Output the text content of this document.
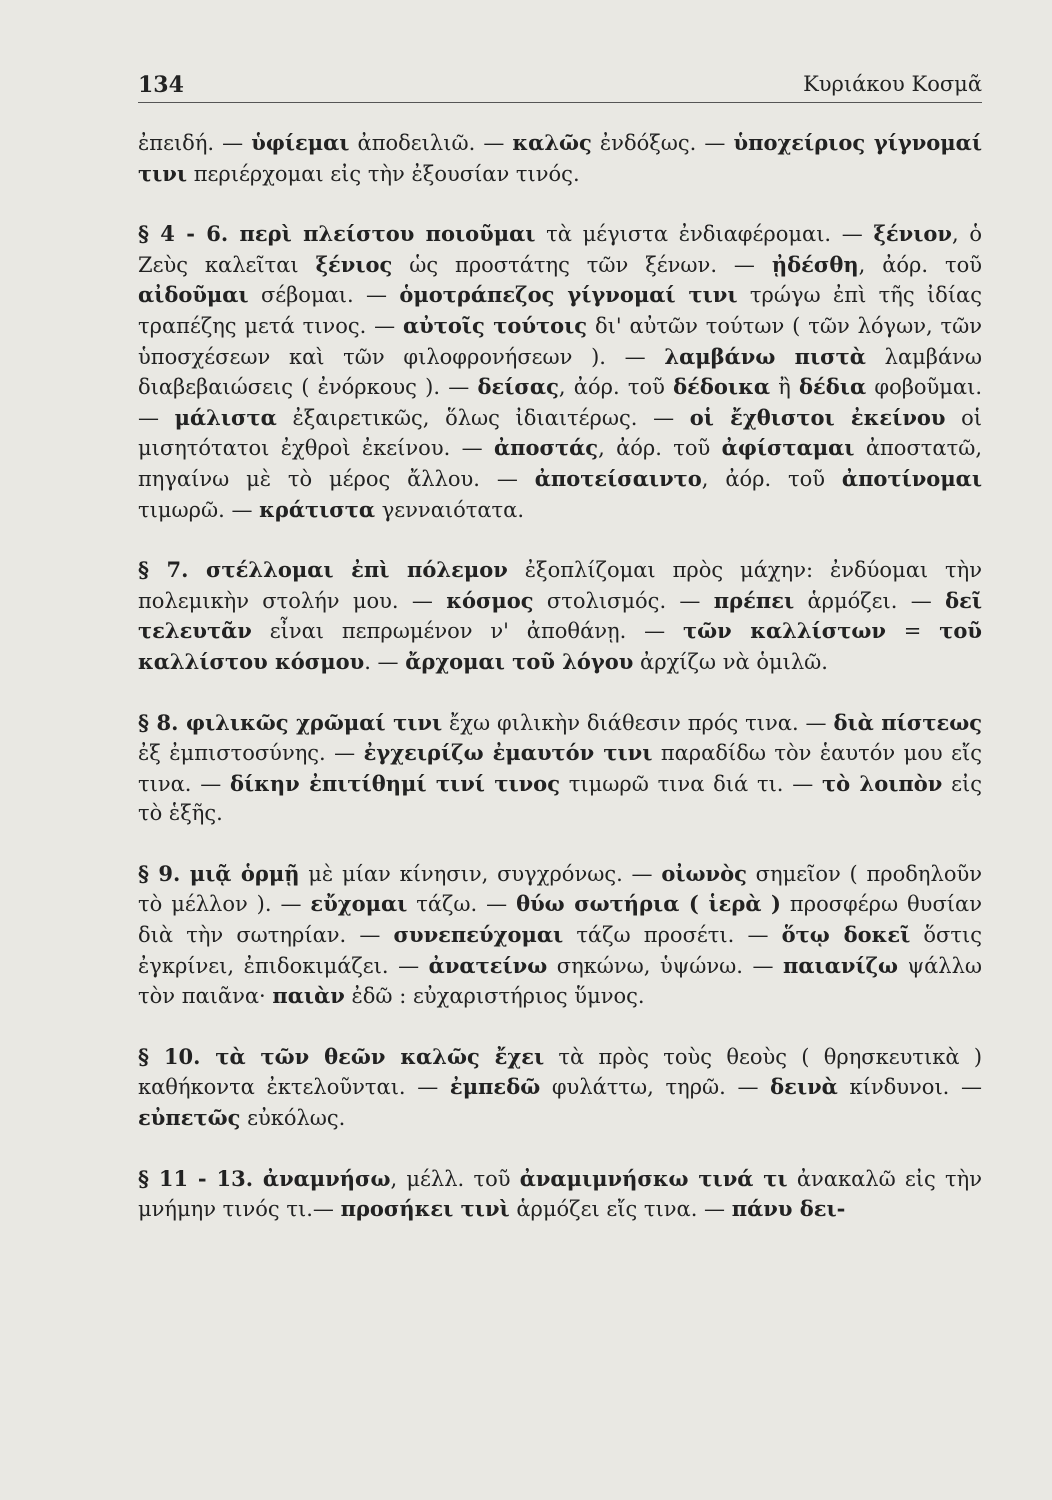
134	Κυριάκου Κοσμᾶ

ἐπειδή. — ὑφίεμαι ἀποδειλιῶ. — καλῶς ἐνδόξως. — ὑποχείριος γίγνομαί τινι περιέρχομαι εἰς τὴν ἐξουσίαν τινός.

§ 4 - 6. περὶ πλείστου ποιοῦμαι τὰ μέγιστα ἐνδιαφέρομαι. — ξένιον, ὁ Ζεὺς καλεῖται ξένιος ὡς προστάτης τῶν ξένων. — ᾐδέσθη, ἀόρ. τοῦ αἰδοῦμαι σέβομαι. — ὁμοτράπεζος γίγνομαί τινι τρώγω ἐπὶ τῆς ἰδίας τραπέζης μετά τινος. — αὐτοῖς τούτοις δι' αὐτῶν τούτων ( τῶν λόγων, τῶν ὑποσχέσεων καὶ τῶν φιλοφρονήσεων ). — λαμβάνω πιστὰ λαμβάνω διαβεβαιώσεις ( ἐνόρκους ). — δείσας, ἀόρ. τοῦ δέδοικα ἢ δέδια φοβοῦμαι. — μάλιστα ἐξαιρετικῶς, ὅλως ἰδιαιτέρως. — οἱ ἔχθιστοι ἐκείνου οἱ μισητότατοι ἐχθροὶ ἐκείνου. — ἀποστάς, ἀόρ. τοῦ ἀφίσταμαι ἀποστατῶ, πηγαίνω μὲ τὸ μέρος ἄλλου. — ἀποτείσαιντο, ἀόρ. τοῦ ἀποτίνομαι τιμωρῶ. — κράτιστα γενναιότατα.

§ 7. στέλλομαι ἐπὶ πόλεμον ἐξοπλίζομαι πρὸς μάχην: ἐνδύομαι τὴν πολεμικὴν στολήν μου. — κόσμος στολισμός. — πρέπει ἁρμόζει. — δεῖ τελευτᾶν εἶναι πεπρωμένον ν' ἀποθάνῃ. — τῶν καλλίστων = τοῦ καλλίστου κόσμου. — ἄρχομαι τοῦ λόγου ἀρχίζω νὰ ὁμιλῶ.

§ 8. φιλικῶς χρῶμαί τινι ἔχω φιλικὴν διάθεσιν πρός τινα. — διὰ πίστεως ἐξ ἐμπιστοσύνης. — ἐγχειρίζω ἐμαυτόν τινι παραδίδω τὸν ἑαυτόν μου εἴς τινα. — δίκην ἐπιτίθημί τινί τινος τιμωρῶ τινα διά τι. — τὸ λοιπὸν εἰς τὸ ἑξῆς.

§ 9. μιᾷ ὁρμῇ μὲ μίαν κίνησιν, συγχρόνως. — οἰωνὸς σημεῖον ( προδηλοῦν τὸ μέλλον ). — εὔχομαι τάζω. — θύω σωτήρια ( ἱερὰ ) προσφέρω θυσίαν διὰ τὴν σωτηρίαν. — συνεπεύχομαι τάζω προσέτι. — ὅτῳ δοκεῖ ὅστις ἐγκρίνει, ἐπιδοκιμάζει. — ἀνατείνω σηκώνω, ὑψώνω. — παιανίζω ψάλλω τὸν παιᾶνα· παιὰν ἐδῶ : εὐχαριστήριος ὕμνος.

§ 10. τὰ τῶν θεῶν καλῶς ἔχει τὰ πρὸς τοὺς θεοὺς ( θρησκευτικὰ ) καθήκοντα ἐκτελοῦνται. — ἐμπεδῶ φυλάττω, τηρῶ. — δεινὰ κίνδυνοι. — εὐπετῶς εὐκόλως.

§ 11 - 13. ἀναμνήσω, μέλλ. τοῦ ἀναμιμνήσκω τινά τι ἀνακαλῶ εἰς τὴν μνήμην τινός τι.— προσήκει τινὶ ἁρμόζει εἴς τινα. — πάνυ δει-
